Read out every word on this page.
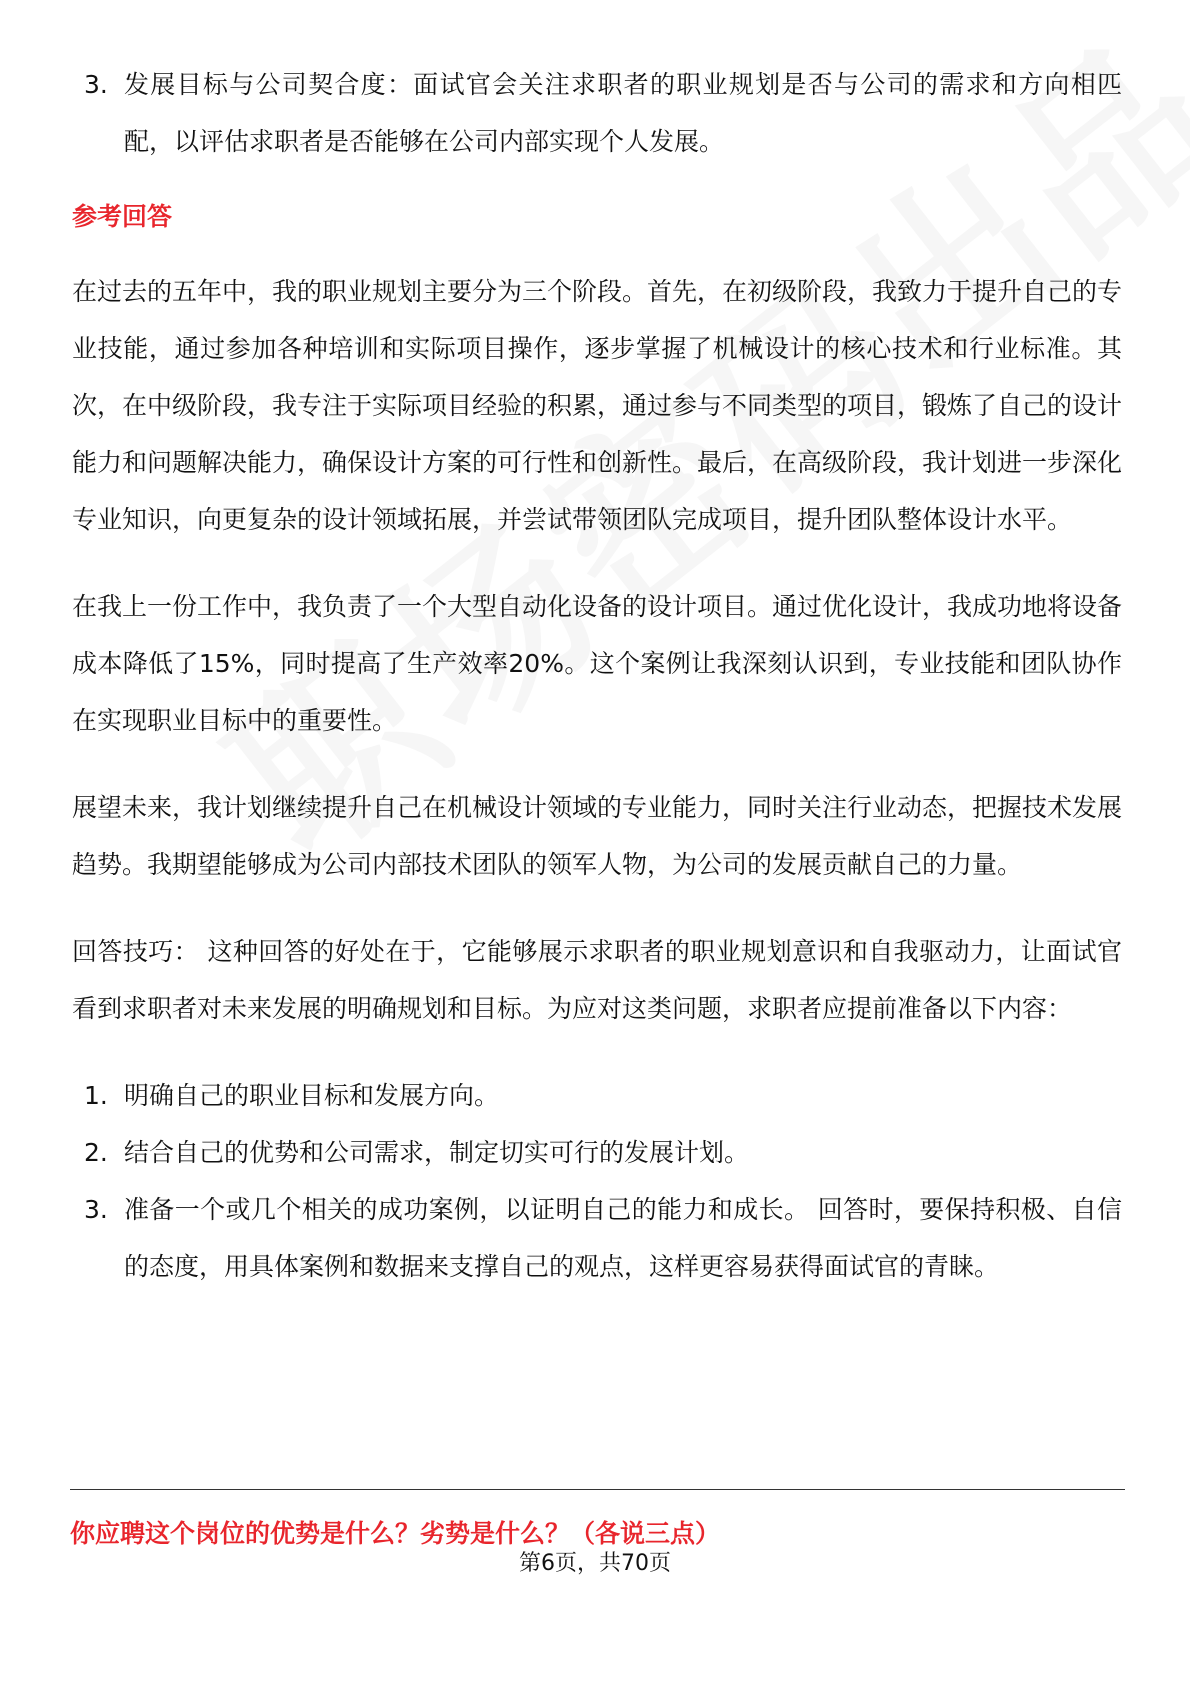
3. 发展目标与公司契合度：面试官会关注求职者的职业规划是否与公司的需求和方向相匹配，以评估求职者是否能够在公司内部实现个人发展。

参考回答

在过去的五年中，我的职业规划主要分为三个阶段。首先，在初级阶段，我致力于提升自己的专业技能，通过参加各种培训和实际项目操作，逐步掌握了机械设计的核心技术和行业标准。其次，在中级阶段，我专注于实际项目经验的积累，通过参与不同类型的项目，锻炼了自己的设计能力和问题解决能力，确保设计方案的可行性和创新性。最后，在高级阶段，我计划进一步深化专业知识，向更复杂的设计领域拓展，并尝试带领团队完成项目，提升团队整体设计水平。

在我上一份工作中，我负责了一个大型自动化设备的设计项目。通过优化设计，我成功地将设备成本降低了15%，同时提高了生产效率20%。这个案例让我深刻认识到，专业技能和团队协作在实现职业目标中的重要性。

展望未来，我计划继续提升自己在机械设计领域的专业能力，同时关注行业动态，把握技术发展趋势。我期望能够成为公司内部技术团队的领军人物，为公司的发展贡献自己的力量。

回答技巧： 这种回答的好处在于，它能够展示求职者的职业规划意识和自我驱动力，让面试官看到求职者对未来发展的明确规划和目标。为应对这类问题，求职者应提前准备以下内容：

1. 明确自己的职业目标和发展方向。
2. 结合自己的优势和公司需求，制定切实可行的发展计划。
3. 准备一个或几个相关的成功案例，以证明自己的能力和成长。 回答时，要保持积极、自信的态度，用具体案例和数据来支撑自己的观点，这样更容易获得面试官的青睐。
你应聘这个岗位的优势是什么？劣势是什么？（各说三点）
第6页，共70页
